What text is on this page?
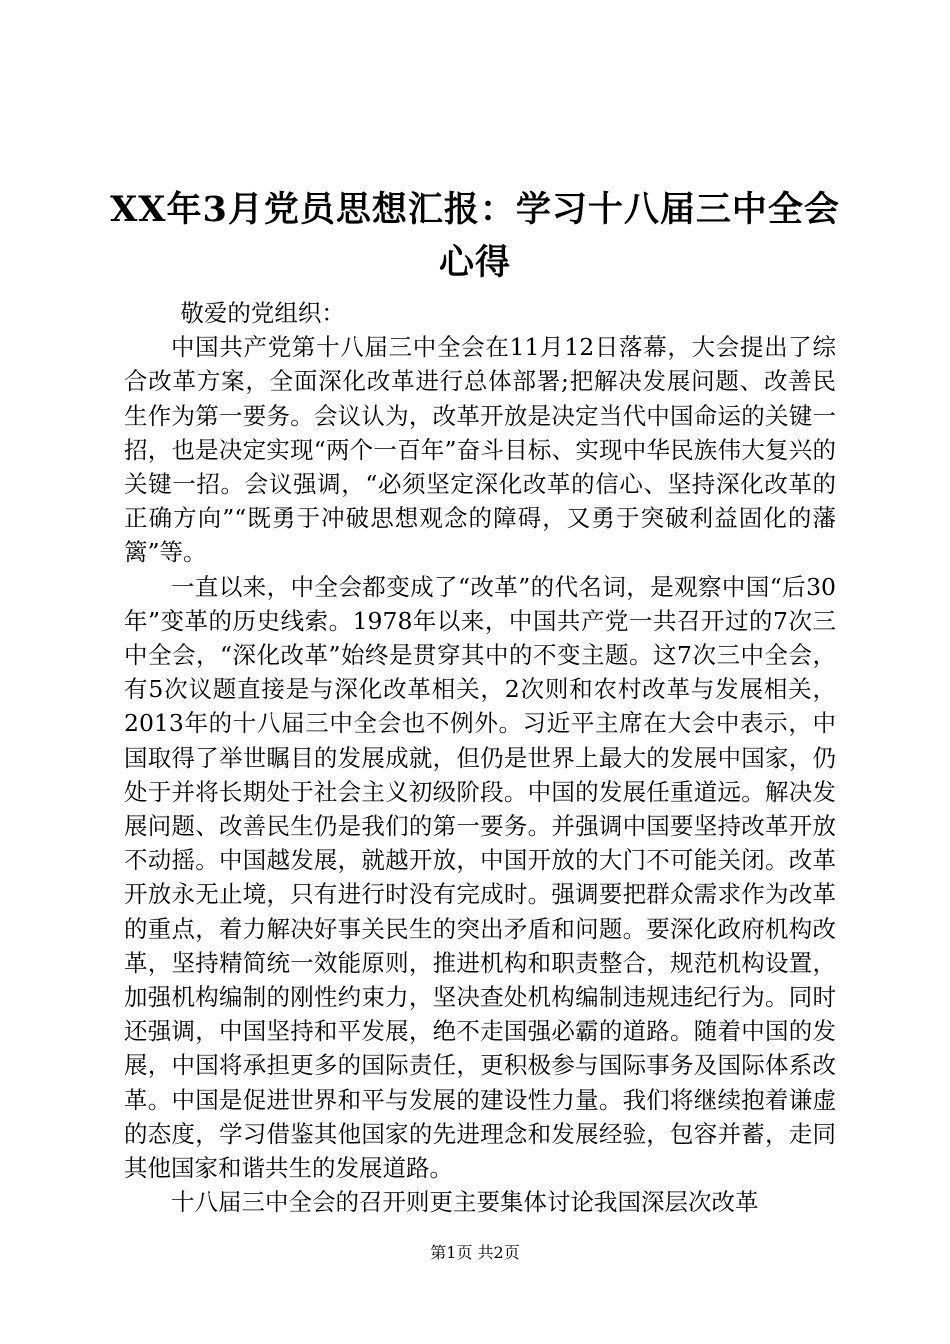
XX年3月党员思想汇报：学习十八届三中全会
心得

敬爱的党组织：

中国共产党第十八届三中全会在11月12日落幕，大会提出了综合改革方案，全面深化改革进行总体部署;把解决发展问题、改善民生作为第一要务。会议认为，改革开放是决定当代中国命运的关键一招，也是决定实现“两个一百年”奋斗目标、实现中华民族伟大复兴的关键一招。会议强调，“必须坚定深化改革的信心、坚持深化改革的正确方向”“既勇于冲破思想观念的障碍，又勇于突破利益固化的藩篱”等。

一直以来，中全会都变成了“改革”的代名词，是观察中国“后30年”变革的历史线索。1978年以来，中国共产党一共召开过的7次三中全会，“深化改革”始终是贯穿其中的不变主题。这7次三中全会，有5次议题直接是与深化改革相关，2次则和农村改革与发展相关，2013年的十八届三中全会也不例外。习近平主席在大会中表示，中国取得了举世瞩目的发展成就，但仍是世界上最大的发展中国家，仍处于并将长期处于社会主义初级阶段。中国的发展任重道远。解决发展问题、改善民生仍是我们的第一要务。并强调中国要坚持改革开放不动摇。中国越发展，就越开放，中国开放的大门不可能关闭。改革开放永无止境，只有进行时没有完成时。强调要把群众需求作为改革的重点，着力解决好事关民生的突出矛盾和问题。要深化政府机构改革，坚持精简统一效能原则，推进机构和职责整合，规范机构设置，加强机构编制的刚性约束力，坚决查处机构编制违规违纪行为。同时还强调，中国坚持和平发展，绝不走国强必霸的道路。随着中国的发展，中国将承担更多的国际责任，更积极参与国际事务及国际体系改革。中国是促进世界和平与发展的建设性力量。我们将继续抱着谦虚的态度，学习借鉴其他国家的先进理念和发展经验，包容并蓄，走同其他国家和谐共生的发展道路。

十八届三中全会的召开则更主要集体讨论我国深层次改革

第1页 共2页
